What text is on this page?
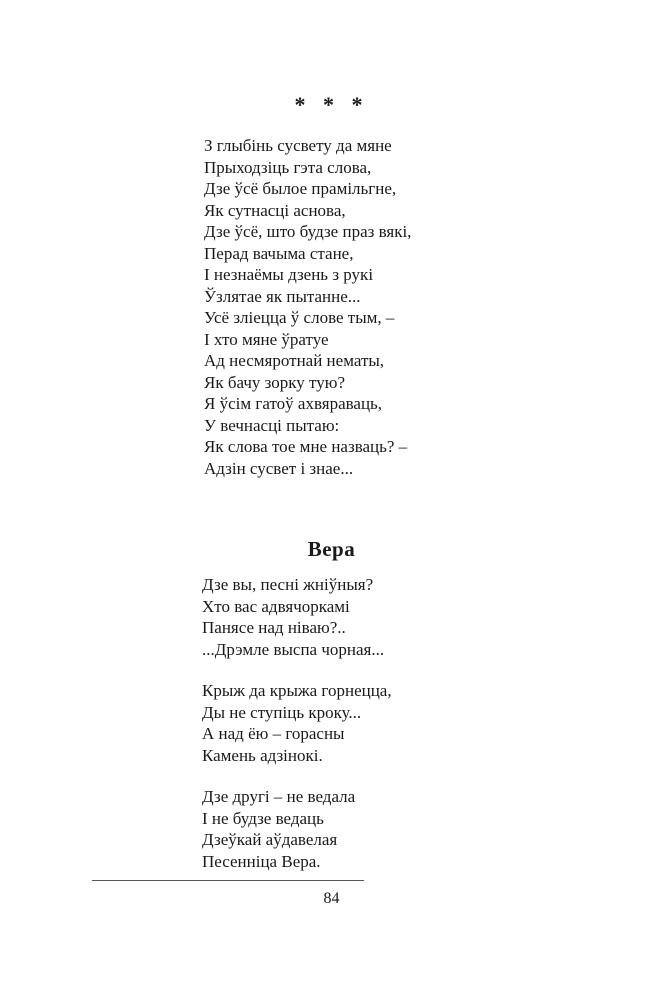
* * *
З глыбінь сусвету да мяне
Прыходзіць гэта слова,
Дзе ўсё былое прамільгне,
Як сутнасці аснова,
Дзе ўсё, што будзе праз вякі,
Перад вачыма стане,
І незнаёмы дзень з рукі
Ўзлятае як пытанне...
Усё злiецца ў слове тым, –
І хто мяне ўратуе
Ад несмяротнай нематы,
Як бачу зорку тую?
Я ўсім гатоў ахвяраваць,
У вечнасці пытаю:
Як слова тое мне назваць? –
Адзін сусвет і знае...
Вера
Дзе вы, песні жніўныя?
Хто вас адвячоркамі
Панясе над ніваю?..
...Дрэмле выспа чорная...
Крыж да крыжа горнецца,
Ды не ступіць кроку...
А над ёю – горасны
Камень адзінокі.
Дзе другі – не ведала
І не будзе ведаць
Дзеўкай аўдавелая
Песенніца Вера.
84
